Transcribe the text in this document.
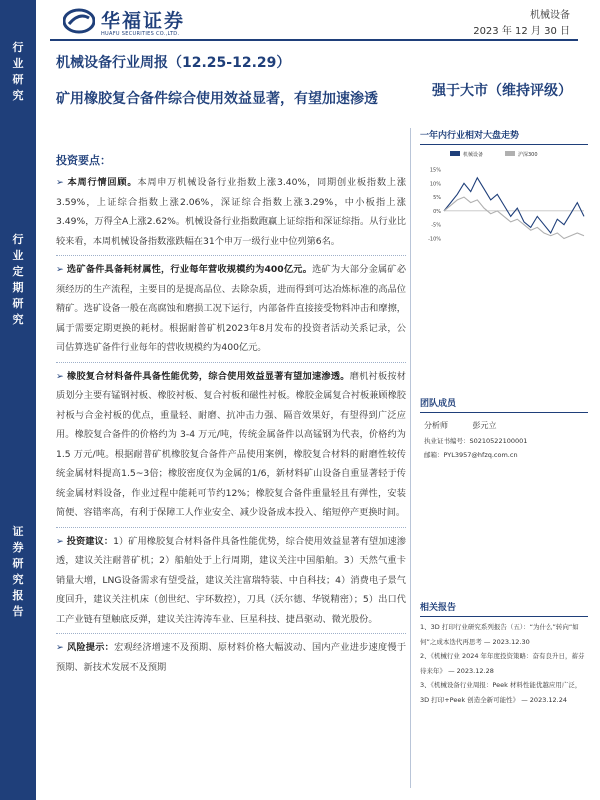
行业研究
行业定期研究
证券研究报告
华福证券
HUAFU SECURITIES CO.,LTD.
机械设备
2023 年 12 月 30 日
机械设备行业周报（12.25-12.29）
矿用橡胶复合备件综合使用效益显著，有望加速渗透	强于大市（维持评级）
投资要点：

➢ 本周行情回顾。本周申万机械设备行业指数上涨3.40%，同期创业板指数上涨3.59%，上证综合指数上涨2.06%，深证综合指数上涨3.29%，中小板指上涨3.49%，万得全A上涨2.62%。机械设备行业指数跑赢上证综指和深证综指。从行业比较来看，本周机械设备指数涨跌幅在31个申万一级行业中位列第6名。

➢ 选矿备件具备耗材属性，行业每年营收规模约为400亿元。选矿为大部分金属矿必须经历的生产流程，主要目的是提高品位、去除杂质，进而得到可达冶炼标准的高品位精矿。选矿设备一般在高腐蚀和磨损工况下运行，内部备件直接接受物料冲击和摩擦，属于需要定期更换的耗材。根据耐普矿机2023年8月发布的投资者活动关系记录，公司估算选矿备件行业每年的营收规模约为400亿元。

➢ 橡胶复合材料备件具备性能优势，综合使用效益显著有望加速渗透。磨机衬板按材质划分主要有锰钢衬板、橡胶衬板、复合衬板和磁性衬板。橡胶金属复合衬板兼顾橡胶衬板与合金衬板的优点，重量轻、耐磨、抗冲击力强、隔音效果好，有望得到广泛应用。橡胶复合备件的价格约为 3-4 万元/吨，传统金属备件以高锰钢为代表，价格约为 1.5 万元/吨。根据耐普矿机橡胶复合备件产品使用案例，橡胶复合材料的耐磨性较传统金属材料提高1.5~3倍；橡胶密度仅为金属的1/6，新材料矿山设备自重显著轻于传统金属材料设备，作业过程中能耗可节约12%；橡胶复合备件重量轻且有弹性，安装简便、容错率高，有利于保障工人作业安全、减少设备成本投入、缩短停产更换时间。

➢ 投资建议：1）矿用橡胶复合材料备件具备性能优势，综合使用效益显著有望加速渗透，建议关注耐普矿机；2）船舶处于上行周期，建议关注中国船舶。3）天然气重卡销量大增，LNG设备需求有望受益，建议关注富瑞特装、中自科技；4）消费电子景气度回升，建议关注机床（创世纪、宇环数控），刀具（沃尔德、华锐精密）；5）出口代工产业链有望触底反弹，建议关注涛涛车业、巨星科技、捷昌驱动、微光股份。

➢ 风险提示：宏观经济增速不及预期、原材料价格大幅波动、国内产业进步速度慢于预期、新技术发展不及预期

一年内行业相对大盘走势
机械设备	沪深300
15%
10%
5%
0%
-5%
-10%
团队成员
分析师	彭元立
执业证书编号：S0210522100001
邮箱：PYL3957@hfzq.com.cn
相关报告
1、3D 打印行业研究系列报告（五）：“为什么”转向“如何”之成本迭代再思考 — 2023.12.30
2、《机械行业 2024 年年度投资策略：奋有良升日，蓄芬待来年》 — 2023.12.28
3、《机械设备行业周报：Peek 材料性能优越应用广泛，3D 打印+Peek 创造全新可能性》 — 2023.12.24
